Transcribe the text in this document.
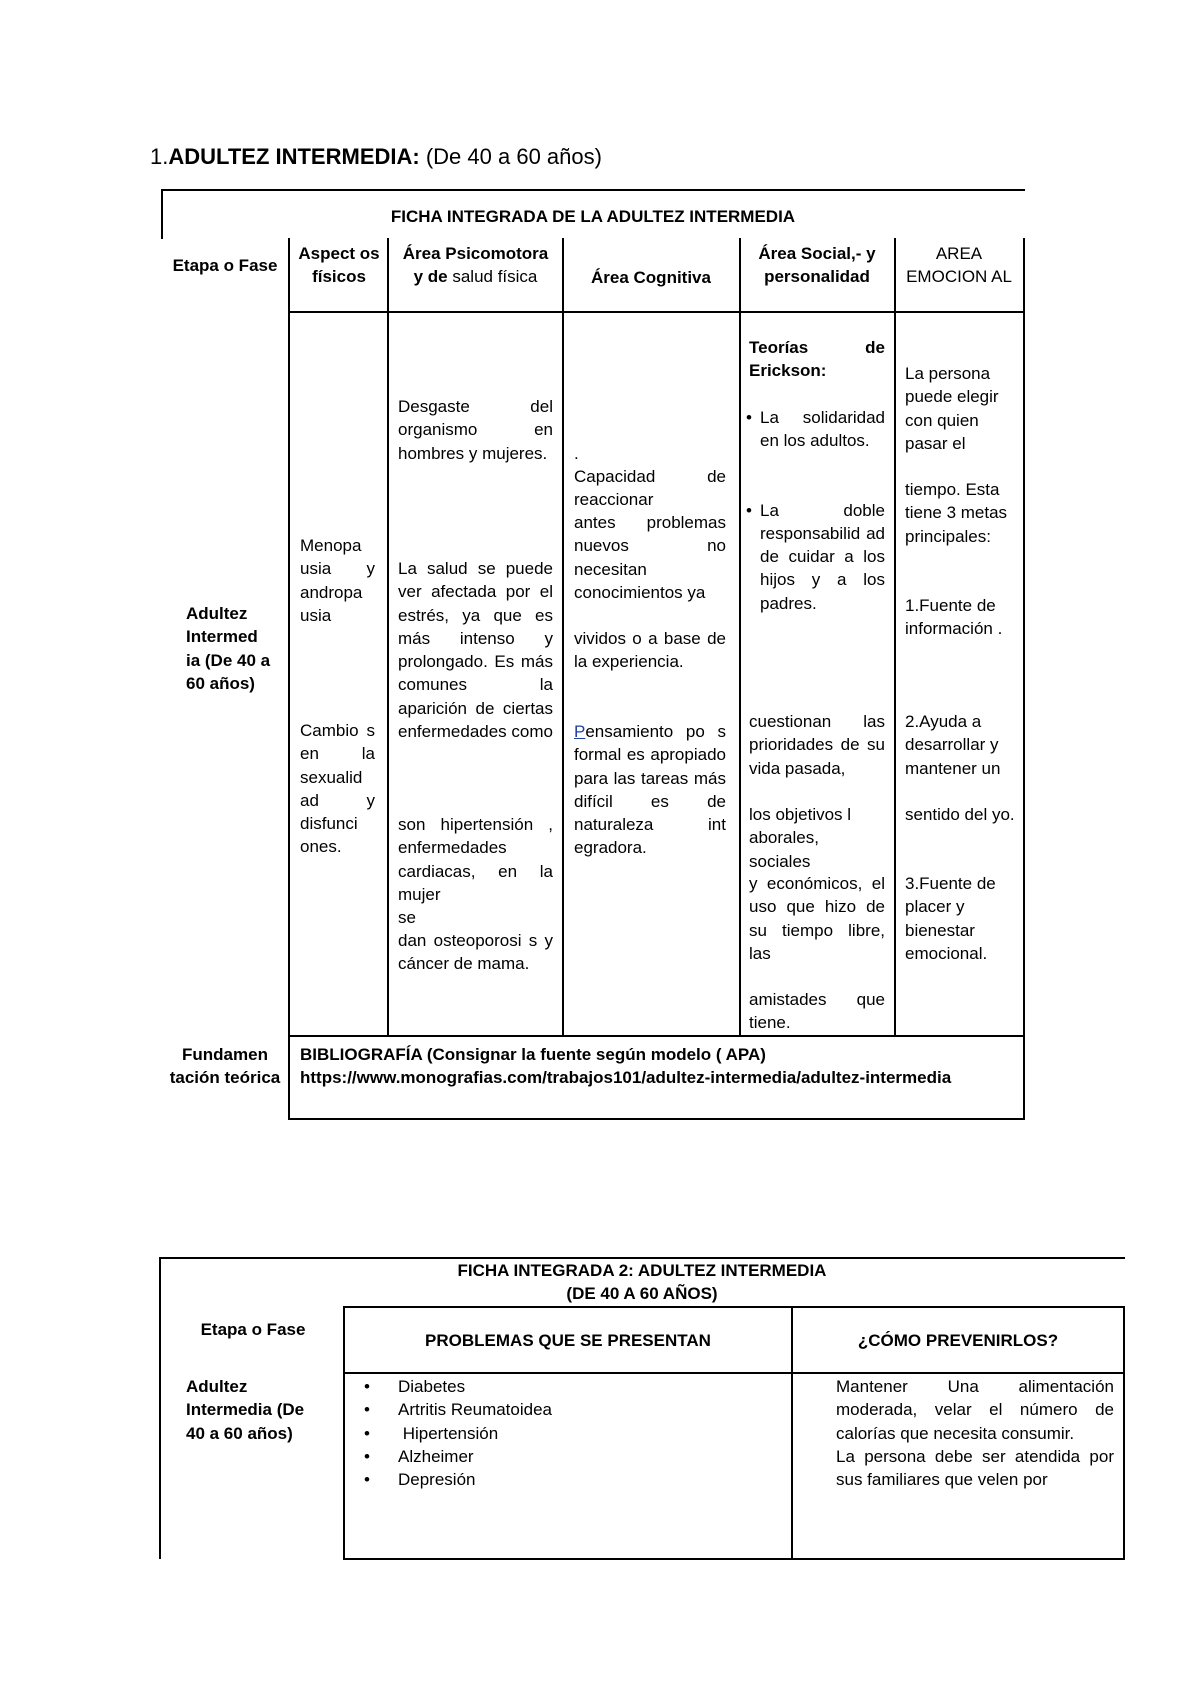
1.ADULTEZ INTERMEDIA: (De 40 a 60 años)
FICHA INTEGRADA DE LA ADULTEZ INTERMEDIA
Etapa o Fase
Aspect os físicos
Área Psicomotora y de salud física	Área Cognitiva
Área Social,- y personalidad
AREA EMOCION AL
Adultez Intermed ia (De 40 a 60 años)
Menopa usia y andropa usia
Cambio s en la sexualid ad y disfunci ones.
Desgaste del organismo en hombres y mujeres.
La salud se puede ver afectada por el estrés, ya que es más intenso y prolongado. Es más comunes la aparición de ciertas enfermedades como
son hipertensión , enfermedades cardiacas, en la mujer
se
dan osteoporosi s y cáncer de mama.
.
Capacidad de reaccionar
antes problemas nuevos no necesitan conocimientos ya
vividos o a base de la experiencia.
Pensamiento po s formal es apropiado para las tareas más difícil es de naturaleza int egradora.
Teorías de Erickson:
• La solidaridad en los adultos.
• La doble responsabilid ad de cuidar a los hijos y a los padres.
cuestionan las prioridades de su vida pasada,
los objetivos l aborales, sociales
y económicos, el uso que hizo de su tiempo libre, las
amistades que tiene.
La persona puede elegir con quien pasar el
tiempo. Esta tiene 3 metas principales:
1.Fuente de información .
2.Ayuda a desarrollar y mantener un
sentido del yo.
3.Fuente de placer y bienestar emocional.
Fundamen tación teórica
BIBLIOGRAFÍA (Consignar la fuente según modelo ( APA)
https://www.monografias.com/trabajos101/adultez-intermedia/adultez-intermedia
FICHA INTEGRADA 2: ADULTEZ INTERMEDIA
(DE 40 A 60 AÑOS)
Etapa o Fase
PROBLEMAS QUE SE PRESENTAN	¿CÓMO PREVENIRLOS?
Adultez Intermedia (De 40 a 60 años)
• Diabetes
• Artritis Reumatoidea
•  Hipertensión
• Alzheimer
• Depresión
• Mantener Una alimentación moderada, velar el número de calorías que necesita consumir.
• La persona debe ser atendida por sus familiares que velen por
